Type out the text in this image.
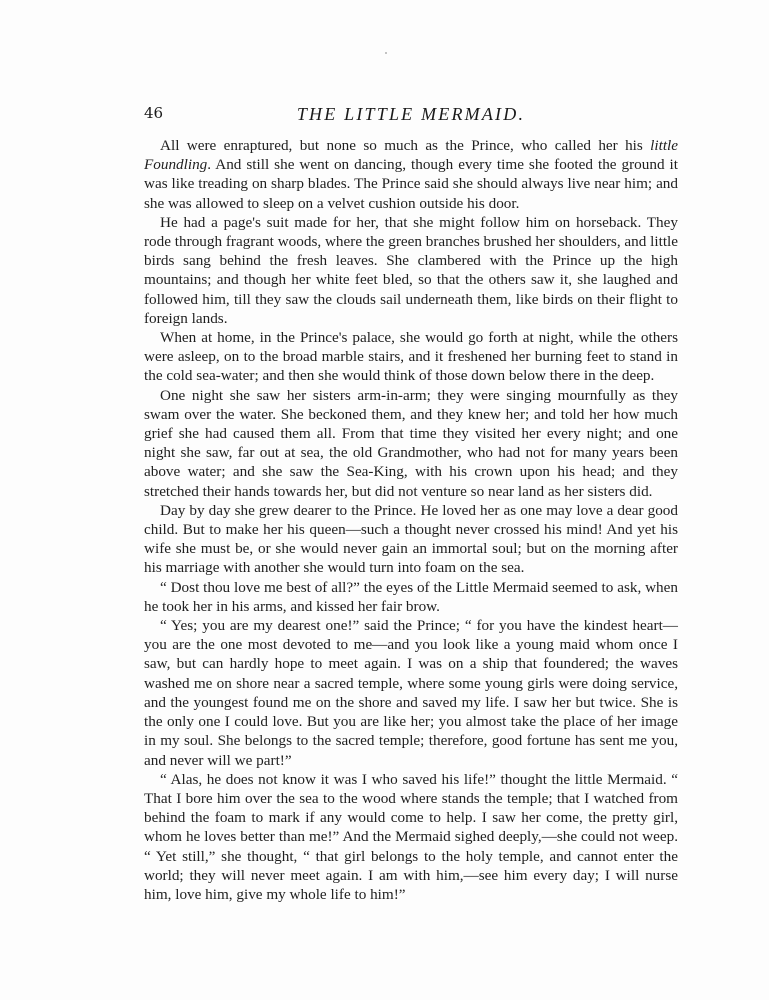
46	THE LITTLE MERMAID.

All were enraptured, but none so much as the Prince, who called her his little Foundling. And still she went on dancing, though every time she footed the ground it was like treading on sharp blades. The Prince said she should always live near him; and she was allowed to sleep on a velvet cushion outside his door.

He had a page's suit made for her, that she might follow him on horseback. They rode through fragrant woods, where the green branches brushed her shoulders, and little birds sang behind the fresh leaves. She clambered with the Prince up the high mountains; and though her white feet bled, so that the others saw it, she laughed and followed him, till they saw the clouds sail underneath them, like birds on their flight to foreign lands.

When at home, in the Prince's palace, she would go forth at night, while the others were asleep, on to the broad marble stairs, and it freshened her burning feet to stand in the cold sea-water; and then she would think of those down below there in the deep.

One night she saw her sisters arm-in-arm; they were singing mournfully as they swam over the water. She beckoned them, and they knew her; and told her how much grief she had caused them all. From that time they visited her every night; and one night she saw, far out at sea, the old Grandmother, who had not for many years been above water; and she saw the Sea-King, with his crown upon his head; and they stretched their hands towards her, but did not venture so near land as her sisters did.

Day by day she grew dearer to the Prince. He loved her as one may love a dear good child. But to make her his queen—such a thought never crossed his mind! And yet his wife she must be, or she would never gain an immortal soul; but on the morning after his marriage with another she would turn into foam on the sea.

“ Dost thou love me best of all?” the eyes of the Little Mermaid seemed to ask, when he took her in his arms, and kissed her fair brow.

“ Yes; you are my dearest one!” said the Prince; “ for you have the kindest heart—you are the one most devoted to me—and you look like a young maid whom once I saw, but can hardly hope to meet again. I was on a ship that foundered; the waves washed me on shore near a sacred temple, where some young girls were doing service, and the youngest found me on the shore and saved my life. I saw her but twice. She is the only one I could love. But you are like her; you almost take the place of her image in my soul. She belongs to the sacred temple; therefore, good fortune has sent me you, and never will we part!”

“ Alas, he does not know it was I who saved his life!” thought the little Mermaid. “ That I bore him over the sea to the wood where stands the temple; that I watched from behind the foam to mark if any would come to help. I saw her come, the pretty girl, whom he loves better than me!” And the Mermaid sighed deeply,—she could not weep. “ Yet still,” she thought, “ that girl belongs to the holy temple, and cannot enter the world; they will never meet again. I am with him,—see him every day; I will nurse him, love him, give my whole life to him!”
